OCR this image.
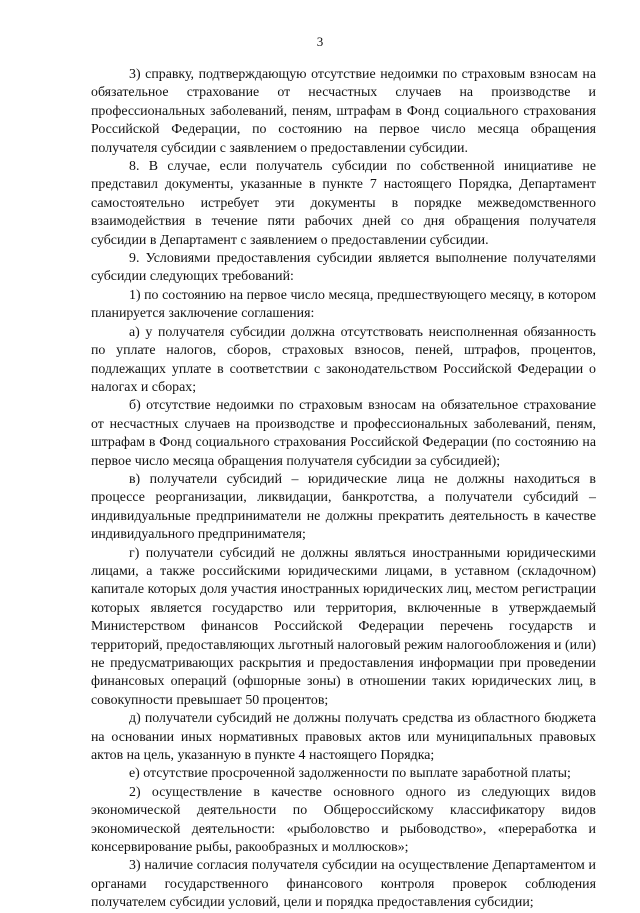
3

3) справку, подтверждающую отсутствие недоимки по страховым взносам на обязательное страхование от несчастных случаев на производстве и профессиональных заболеваний, пеням, штрафам в Фонд социального страхования Российской Федерации, по состоянию на первое число месяца обращения получателя субсидии с заявлением о предоставлении субсидии.

8. В случае, если получатель субсидии по собственной инициативе не представил документы, указанные в пункте 7 настоящего Порядка, Департамент самостоятельно истребует эти документы в порядке межведомственного взаимодействия в течение пяти рабочих дней со дня обращения получателя субсидии в Департамент с заявлением о предоставлении субсидии.

9. Условиями предоставления субсидии является выполнение получателями субсидии следующих требований:

1) по состоянию на первое число месяца, предшествующего месяцу, в котором планируется заключение соглашения:

а) у получателя субсидии должна отсутствовать неисполненная обязанность по уплате налогов, сборов, страховых взносов, пеней, штрафов, процентов, подлежащих уплате в соответствии с законодательством Российской Федерации о налогах и сборах;

б) отсутствие недоимки по страховым взносам на обязательное страхование от несчастных случаев на производстве и профессиональных заболеваний, пеням, штрафам в Фонд социального страхования Российской Федерации (по состоянию на первое число месяца обращения получателя субсидии за субсидией);

в) получатели субсидий – юридические лица не должны находиться в процессе реорганизации, ликвидации, банкротства, а получатели субсидий – индивидуальные предприниматели не должны прекратить деятельность в качестве индивидуального предпринимателя;

г) получатели субсидий не должны являться иностранными юридическими лицами, а также российскими юридическими лицами, в уставном (складочном) капитале которых доля участия иностранных юридических лиц, местом регистрации которых является государство или территория, включенные в утверждаемый Министерством финансов Российской Федерации перечень государств и территорий, предоставляющих льготный налоговый режим налогообложения и (или) не предусматривающих раскрытия и предоставления информации при проведении финансовых операций (офшорные зоны) в отношении таких юридических лиц, в совокупности превышает 50 процентов;

д) получатели субсидий не должны получать средства из областного бюджета на основании иных нормативных правовых актов или муниципальных правовых актов на цель, указанную в пункте 4 настоящего Порядка;

е) отсутствие просроченной задолженности по выплате заработной платы;

2) осуществление в качестве основного одного из следующих видов экономической деятельности по Общероссийскому классификатору видов экономической деятельности: «рыболовство и рыбоводство», «переработка и консервирование рыбы, ракообразных и моллюсков»;

3) наличие согласия получателя субсидии на осуществление Департаментом и органами государственного финансового контроля проверок соблюдения получателем субсидии условий, цели и порядка предоставления субсидии;
